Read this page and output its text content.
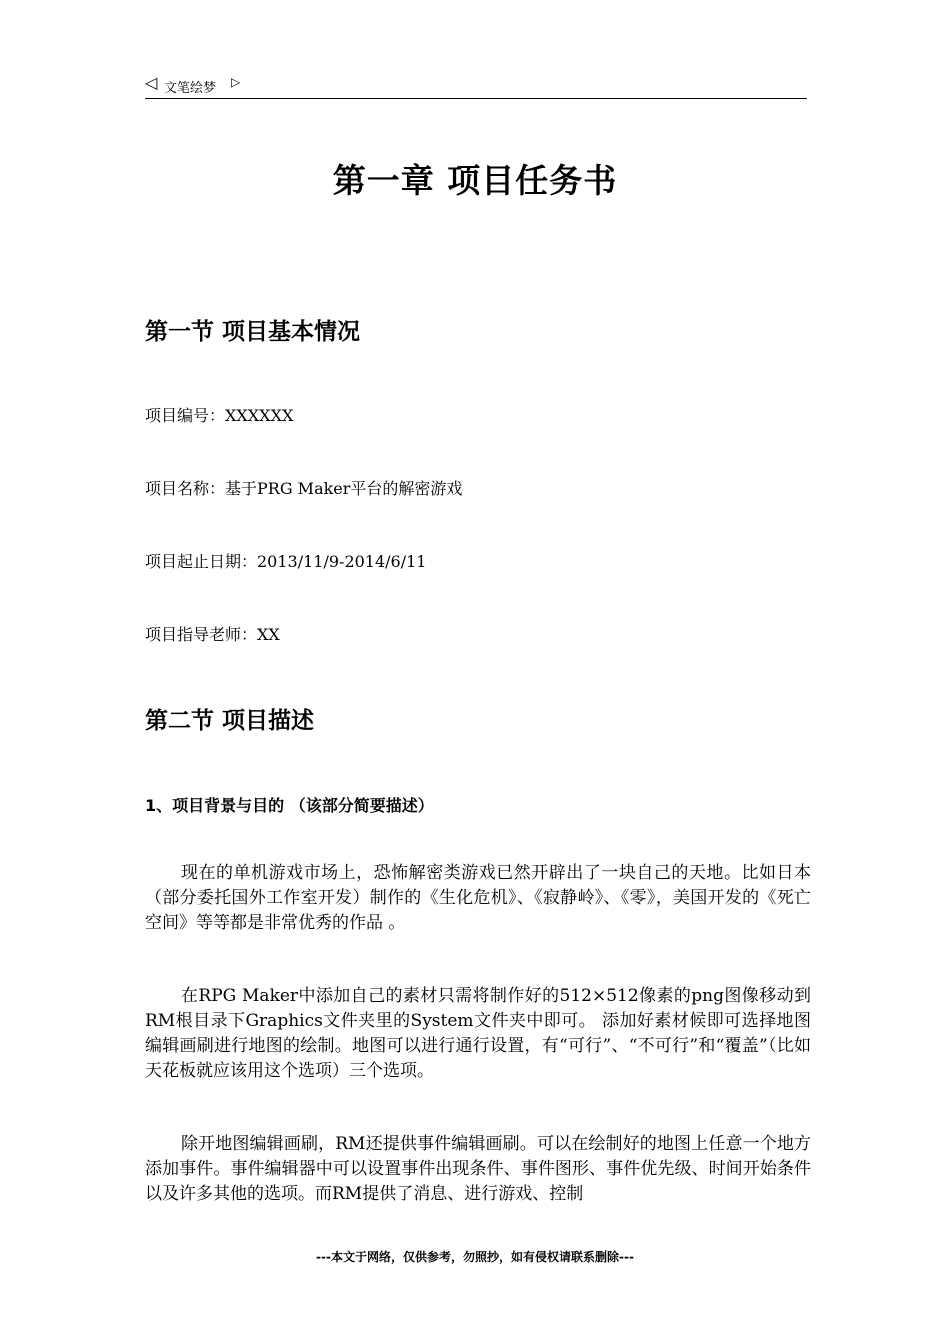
◁ 文笔绘梦 ▷
第一章 项目任务书
第一节 项目基本情况
项目编号：XXXXXX
项目名称：基于PRG Maker平台的解密游戏
项目起止日期：2013/11/9-2014/6/11
项目指导老师：XX
第二节 项目描述
1、项目背景与目的 （该部分简要描述）

现在的单机游戏市场上，恐怖解密类游戏已然开辟出了一块自己的天地。比如日本（部分委托国外工作室开发）制作的《生化危机》、《寂静岭》、《零》，美国开发的《死亡空间》等等都是非常优秀的作品 。

在RPG Maker中添加自己的素材只需将制作好的512×512像素的png图像移动到RM根目录下Graphics文件夹里的System文件夹中即可。 添加好素材候即可选择地图编辑画刷进行地图的绘制。地图可以进行通行设置，有“可行”、“不可行”和“覆盖”（比如天花板就应该用这个选项）三个选项。

除开地图编辑画刷，RM还提供事件编辑画刷。可以在绘制好的地图上任意一个地方添加事件。事件编辑器中可以设置事件出现条件、事件图形、事件优先级、时间开始条件以及许多其他的选项。而RM提供了消息、进行游戏、控制

---本文于网络，仅供参考，勿照抄，如有侵权请联系删除---
